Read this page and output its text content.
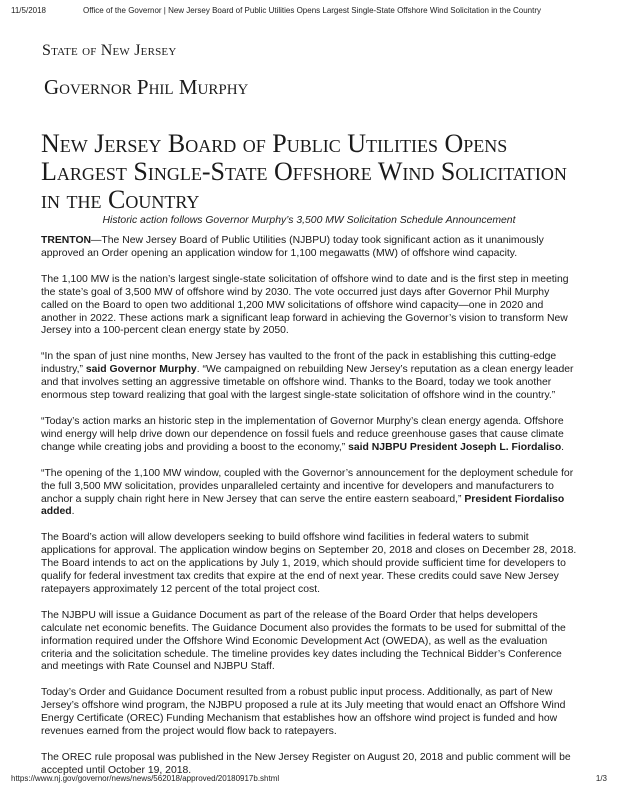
11/5/2018	Office of the Governor | New Jersey Board of Public Utilities Opens Largest Single-State Offshore Wind Solicitation in the Country
State of New Jersey
Governor Phil Murphy
New Jersey Board of Public Utilities Opens Largest Single-State Offshore Wind Solicitation in the Country
Historic action follows Governor Murphy’s 3,500 MW Solicitation Schedule Announcement

TRENTON—The New Jersey Board of Public Utilities (NJBPU) today took significant action as it unanimously approved an Order opening an application window for 1,100 megawatts (MW) of offshore wind capacity.

The 1,100 MW is the nation’s largest single-state solicitation of offshore wind to date and is the first step in meeting the state’s goal of 3,500 MW of offshore wind by 2030. The vote occurred just days after Governor Phil Murphy called on the Board to open two additional 1,200 MW solicitations of offshore wind capacity—one in 2020 and another in 2022. These actions mark a significant leap forward in achieving the Governor’s vision to transform New Jersey into a 100-percent clean energy state by 2050.

“In the span of just nine months, New Jersey has vaulted to the front of the pack in establishing this cutting-edge industry,” said Governor Murphy. “We campaigned on rebuilding New Jersey’s reputation as a clean energy leader and that involves setting an aggressive timetable on offshore wind. Thanks to the Board, today we took another enormous step toward realizing that goal with the largest single-state solicitation of offshore wind in the country.”

“Today’s action marks an historic step in the implementation of Governor Murphy’s clean energy agenda. Offshore wind energy will help drive down our dependence on fossil fuels and reduce greenhouse gases that cause climate change while creating jobs and providing a boost to the economy,” said NJBPU President Joseph L. Fiordaliso.

“The opening of the 1,100 MW window, coupled with the Governor’s announcement for the deployment schedule for the full 3,500 MW solicitation, provides unparalleled certainty and incentive for developers and manufacturers to anchor a supply chain right here in New Jersey that can serve the entire eastern seaboard,” President Fiordaliso added.

The Board’s action will allow developers seeking to build offshore wind facilities in federal waters to submit applications for approval. The application window begins on September 20, 2018 and closes on December 28, 2018. The Board intends to act on the applications by July 1, 2019, which should provide sufficient time for developers to qualify for federal investment tax credits that expire at the end of next year. These credits could save New Jersey ratepayers approximately 12 percent of the total project cost.

The NJBPU will issue a Guidance Document as part of the release of the Board Order that helps developers calculate net economic benefits. The Guidance Document also provides the formats to be used for submittal of the information required under the Offshore Wind Economic Development Act (OWEDA), as well as the evaluation criteria and the solicitation schedule. The timeline provides key dates including the Technical Bidder’s Conference and meetings with Rate Counsel and NJBPU Staff.

Today’s Order and Guidance Document resulted from a robust public input process. Additionally, as part of New Jersey’s offshore wind program, the NJBPU proposed a rule at its July meeting that would enact an Offshore Wind Energy Certificate (OREC) Funding Mechanism that establishes how an offshore wind project is funded and how revenues earned from the project would flow back to ratepayers.

The OREC rule proposal was published in the New Jersey Register on August 20, 2018 and public comment will be accepted until October 19, 2018.

https://www.nj.gov/governor/news/news/562018/approved/20180917b.shtml	1/3
